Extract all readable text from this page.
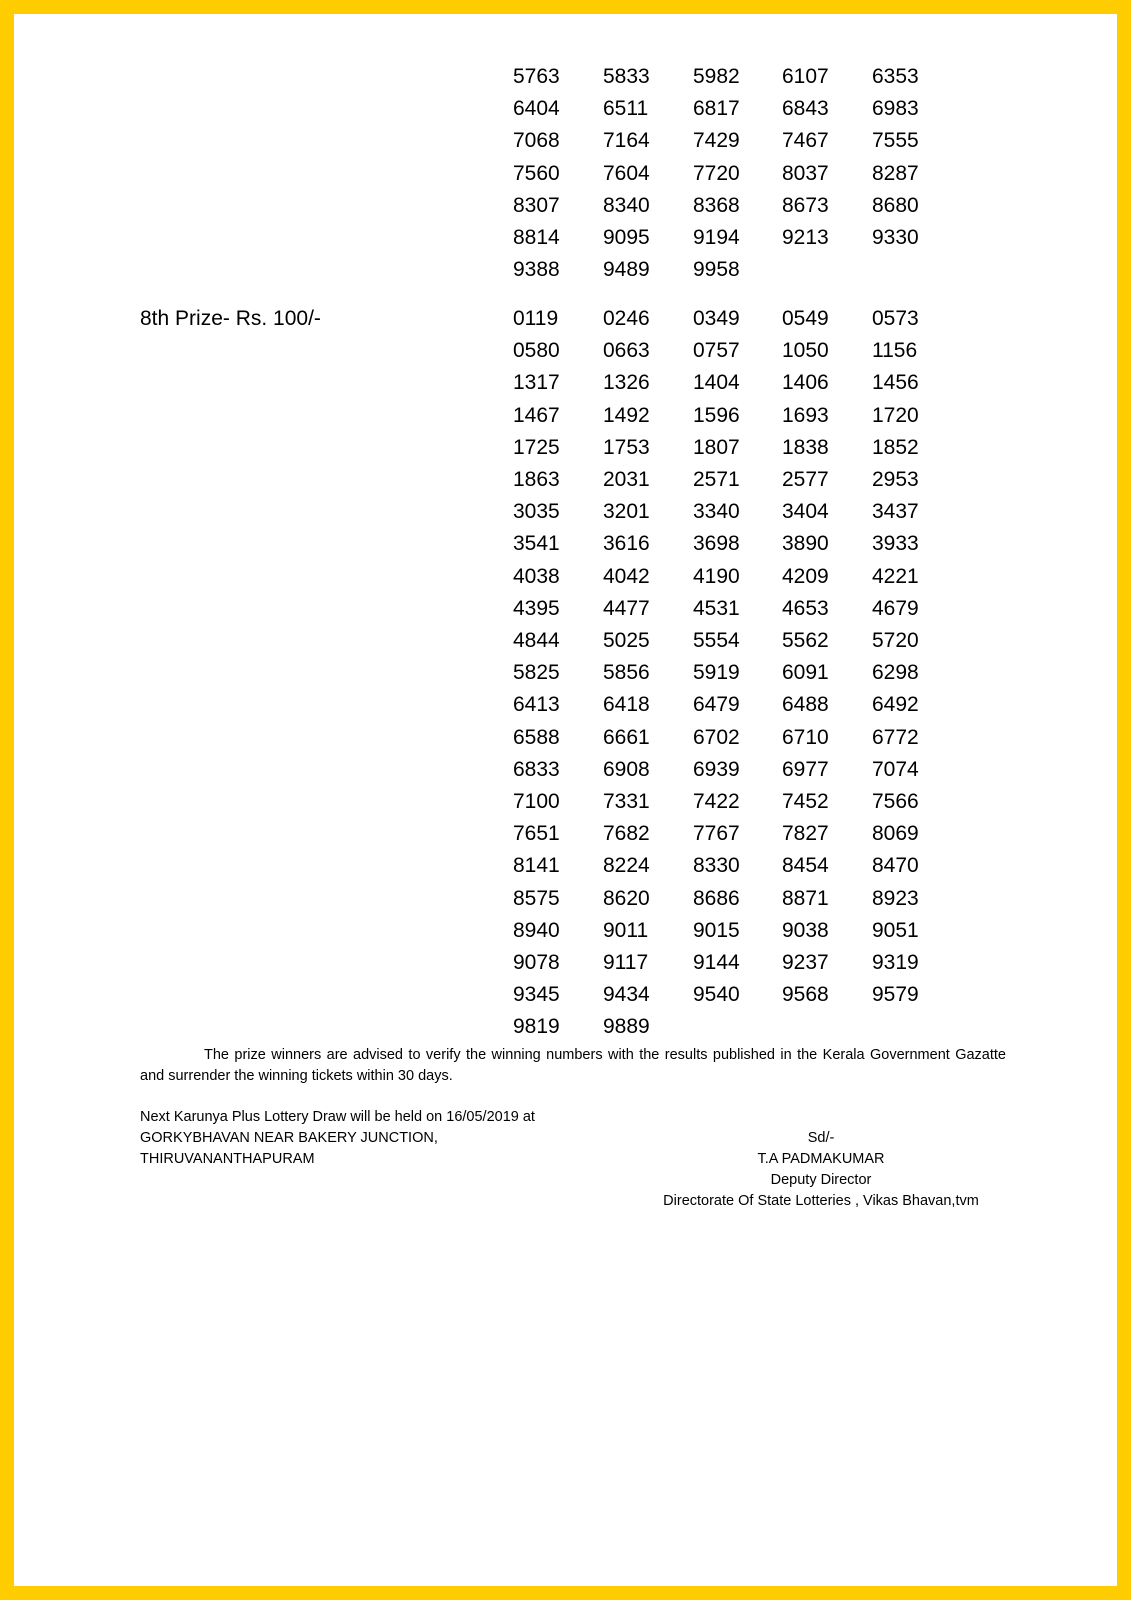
5763 5833 5982 6107 6353
6404 6511 6817 6843 6983
7068 7164 7429 7467 7555
7560 7604 7720 8037 8287
8307 8340 8368 8673 8680
8814 9095 9194 9213 9330
9388 9489 9958
8th Prize- Rs. 100/-	0119 0246 0349 0549 0573
0580 0663 0757 1050 1156
1317 1326 1404 1406 1456
1467 1492 1596 1693 1720
1725 1753 1807 1838 1852
1863 2031 2571 2577 2953
3035 3201 3340 3404 3437
3541 3616 3698 3890 3933
4038 4042 4190 4209 4221
4395 4477 4531 4653 4679
4844 5025 5554 5562 5720
5825 5856 5919 6091 6298
6413 6418 6479 6488 6492
6588 6661 6702 6710 6772
6833 6908 6939 6977 7074
7100 7331 7422 7452 7566
7651 7682 7767 7827 8069
8141 8224 8330 8454 8470
8575 8620 8686 8871 8923
8940 9011 9015 9038 9051
9078 9117 9144 9237 9319
9345 9434 9540 9568 9579
9819 9889
The prize winners are advised to verify the winning numbers with the results published in the Kerala Government Gazatte and surrender the winning tickets within 30 days.
Next Karunya Plus Lottery Draw will be held on 16/05/2019 at
GORKYBHAVAN NEAR BAKERY JUNCTION,
THIRUVANANTHAPURAM
Sd/-
T.A PADMAKUMAR
Deputy Director
Directorate Of State Lotteries , Vikas Bhavan,tvm
